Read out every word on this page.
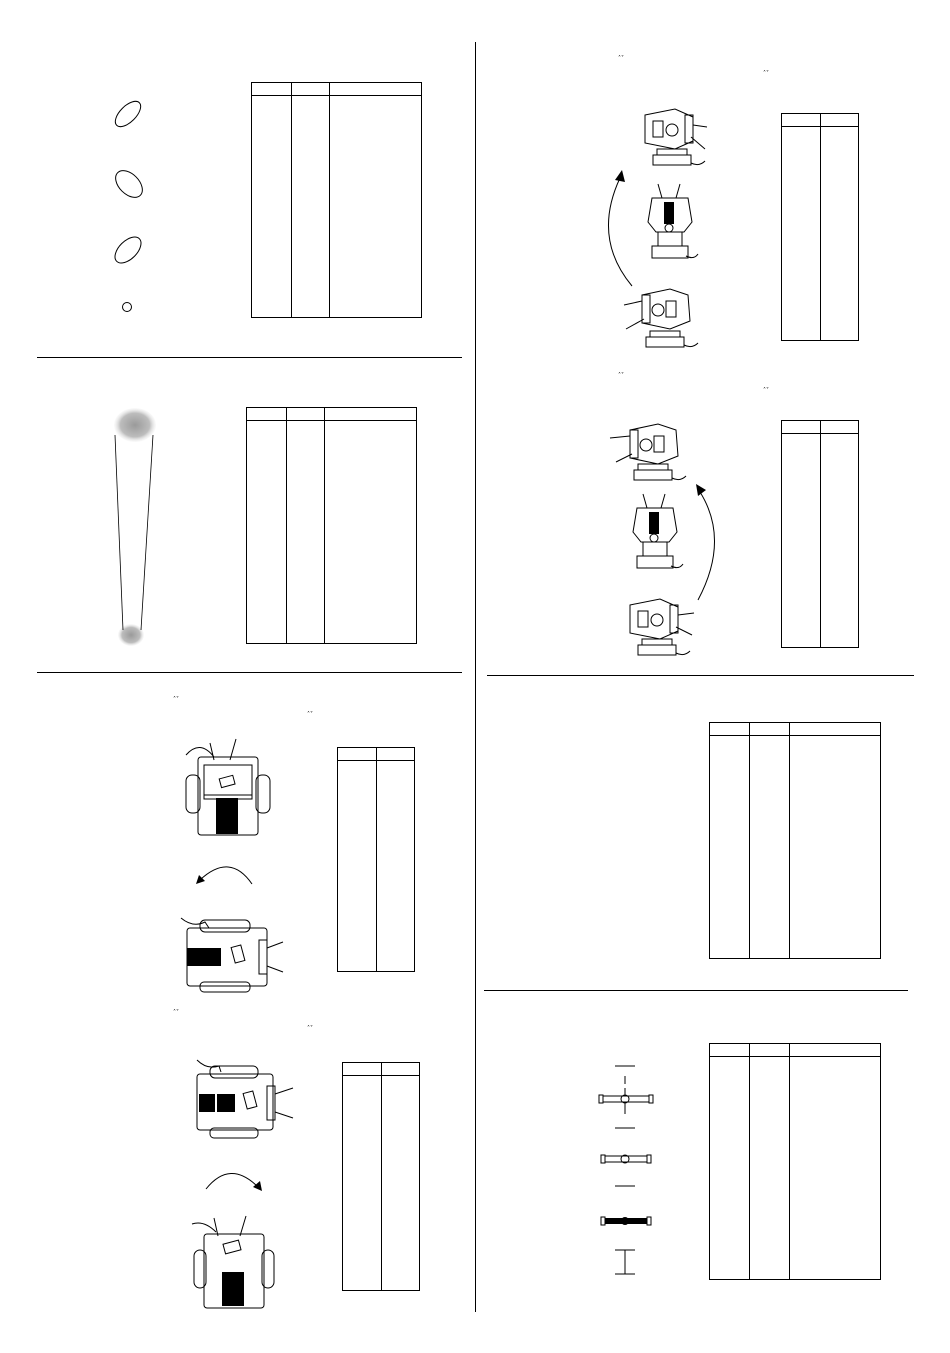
˄˅
˄˅
˄˅
˄˅
˄˅
˄˅
˄˅
˄˅
